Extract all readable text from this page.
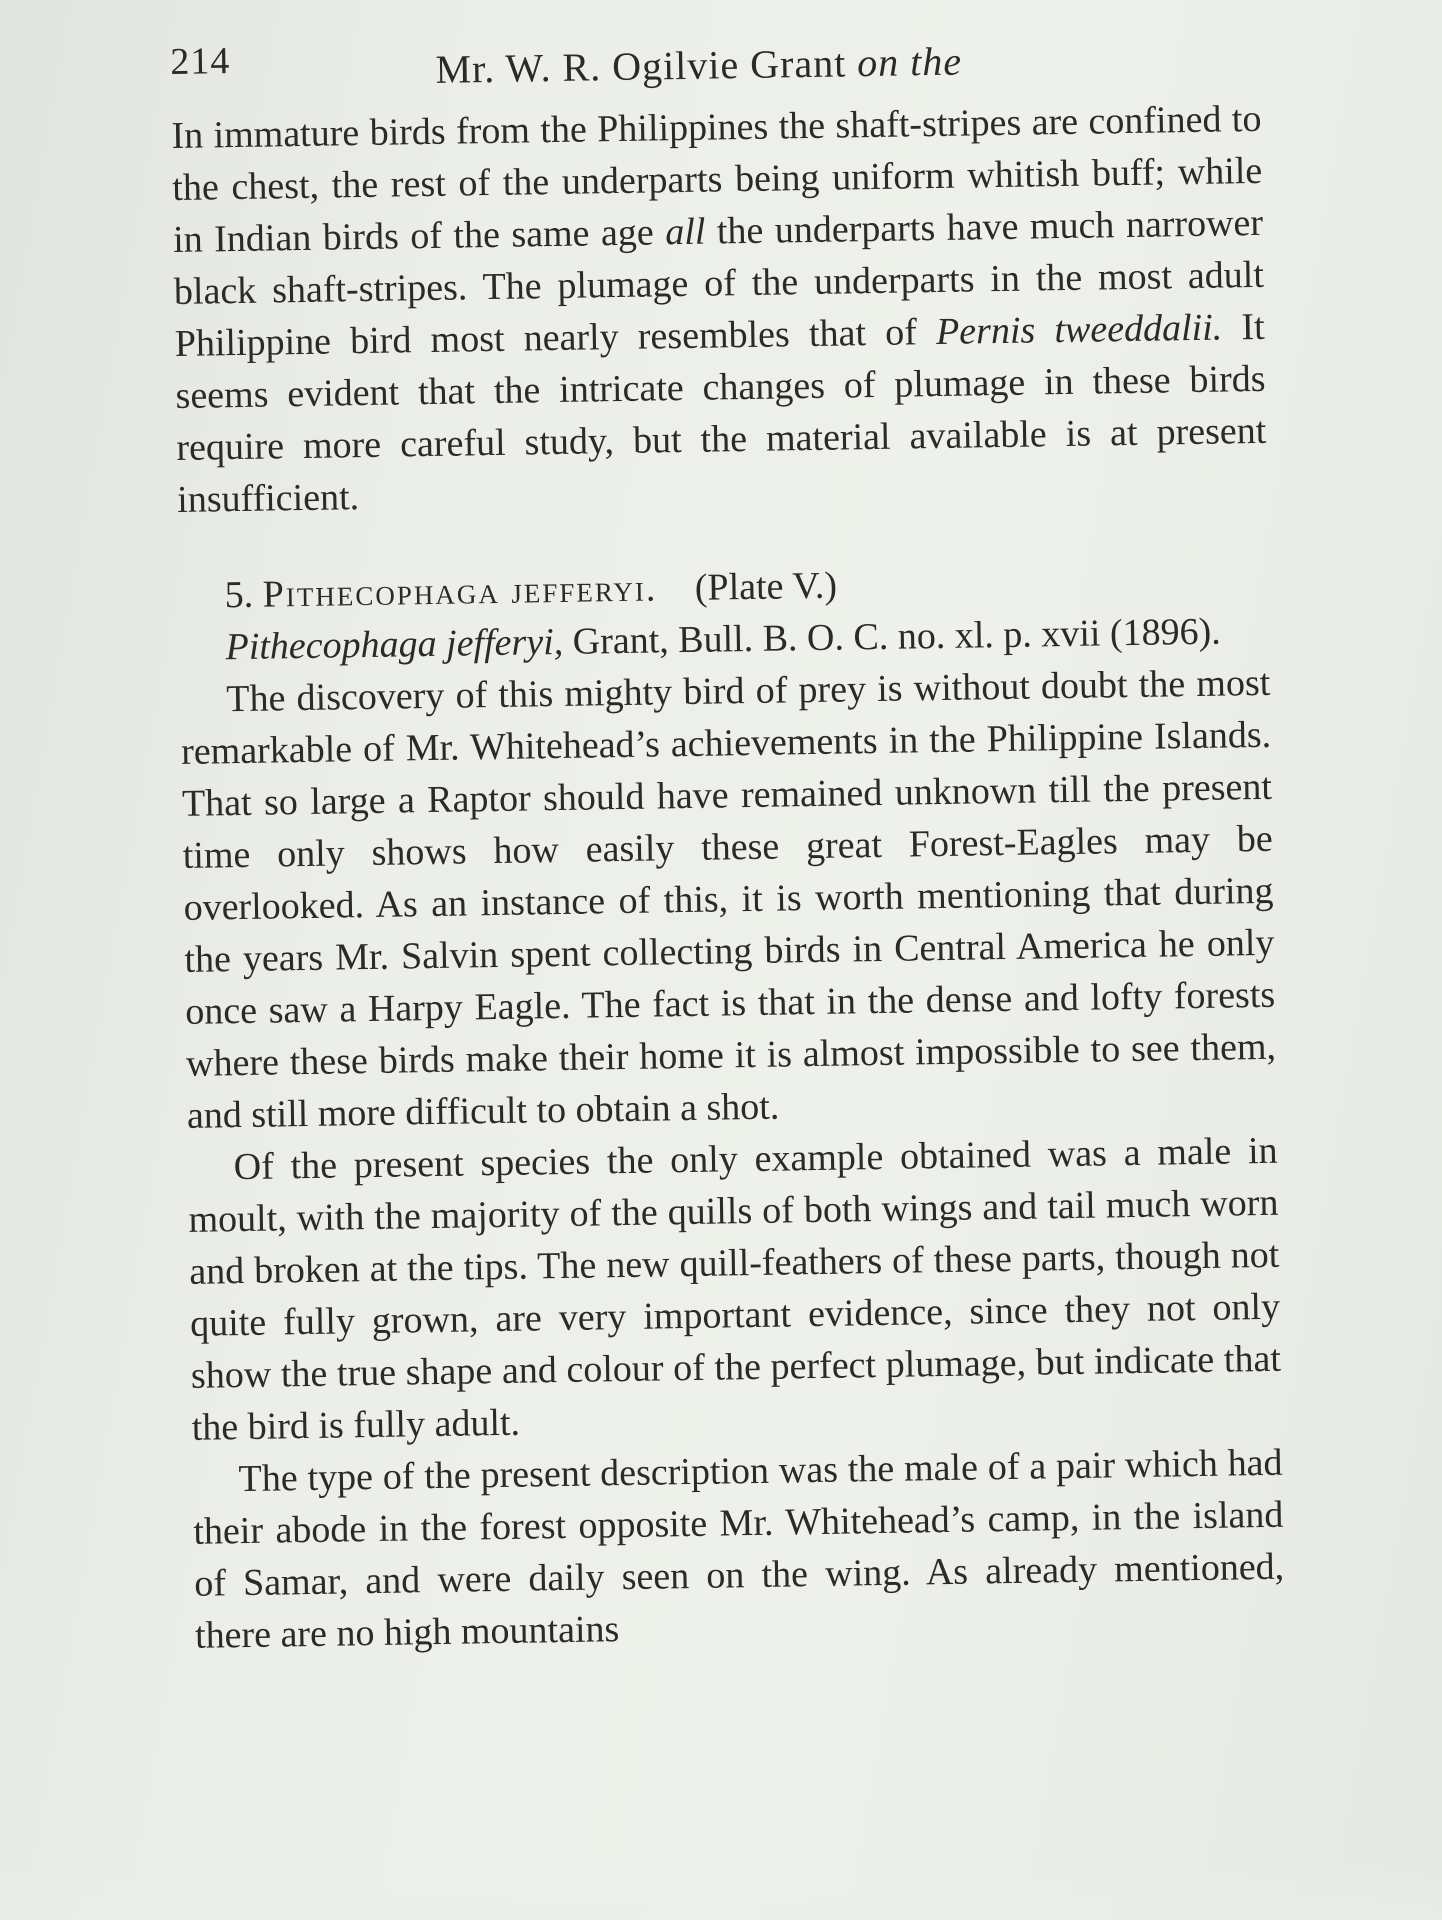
214	Mr. W. R. Ogilvie Grant on the

In immature birds from the Philippines the shaft-stripes are confined to the chest, the rest of the underparts being uniform whitish buff; while in Indian birds of the same age all the underparts have much narrower black shaft-stripes. The plumage of the underparts in the most adult Philippine bird most nearly resembles that of Pernis tweeddalii. It seems evident that the intricate changes of plumage in these birds require more careful study, but the material available is at present insufficient.

5. Pithecophaga jefferyi. (Plate V.)

Pithecophaga jefferyi, Grant, Bull. B. O. C. no. xl. p. xvii (1896).

The discovery of this mighty bird of prey is without doubt the most remarkable of Mr. Whitehead’s achievements in the Philippine Islands. That so large a Raptor should have remained unknown till the present time only shows how easily these great Forest-Eagles may be overlooked. As an instance of this, it is worth mentioning that during the years Mr. Salvin spent collecting birds in Central America he only once saw a Harpy Eagle. The fact is that in the dense and lofty forests where these birds make their home it is almost impossible to see them, and still more difficult to obtain a shot.

Of the present species the only example obtained was a male in moult, with the majority of the quills of both wings and tail much worn and broken at the tips. The new quill-feathers of these parts, though not quite fully grown, are very important evidence, since they not only show the true shape and colour of the perfect plumage, but indicate that the bird is fully adult.

The type of the present description was the male of a pair which had their abode in the forest opposite Mr. Whitehead’s camp, in the island of Samar, and were daily seen on the wing. As already mentioned, there are no high mountains
